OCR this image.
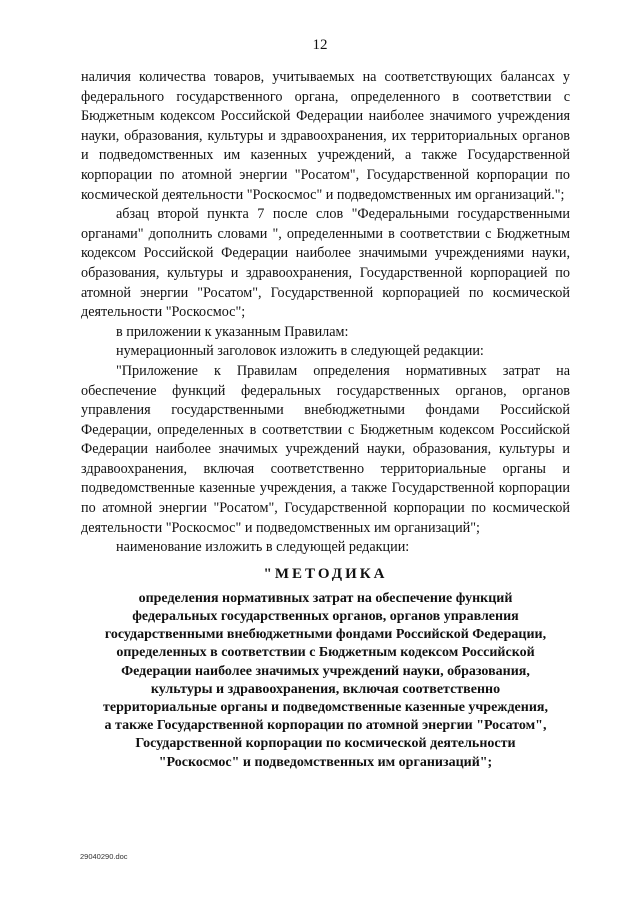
12

наличия количества товаров, учитываемых на соответствующих балансах у федерального государственного органа, определенного в соответствии с Бюджетным кодексом Российской Федерации наиболее значимого учреждения науки, образования, культуры и здравоохранения, их территориальных органов и подведомственных им казенных учреждений, а также Государственной корпорации по атомной энергии "Росатом", Государственной корпорации по космической деятельности "Роскосмос" и подведомственных им организаций.";

абзац второй пункта 7 после слов "Федеральными государственными органами" дополнить словами ", определенными в соответствии с Бюджетным кодексом Российской Федерации наиболее значимыми учреждениями науки, образования, культуры и здравоохранения, Государственной корпорацией по атомной энергии "Росатом", Государственной корпорацией по космической деятельности "Роскосмос";

в приложении к указанным Правилам:

нумерационный заголовок изложить в следующей редакции:

"Приложение к Правилам определения нормативных затрат на обеспечение функций федеральных государственных органов, органов управления государственными внебюджетными фондами Российской Федерации, определенных в соответствии с Бюджетным кодексом Российской Федерации наиболее значимых учреждений науки, образования, культуры и здравоохранения, включая соответственно территориальные органы и подведомственные казенные учреждения, а также Государственной корпорации по атомной энергии "Росатом", Государственной корпорации по космической деятельности "Роскосмос" и подведомственных им организаций";

наименование изложить в следующей редакции:

"МЕТОДИКА
определения нормативных затрат на обеспечение функций
федеральных государственных органов, органов управления
государственными внебюджетными фондами Российской Федерации,
определенных в соответствии с Бюджетным кодексом Российской
Федерации наиболее значимых учреждений науки, образования,
культуры и здравоохранения, включая соответственно
территориальные органы и подведомственные казенные учреждения,
а также Государственной корпорации по атомной энергии "Росатом",
Государственной корпорации по космической деятельности
"Роскосмос" и подведомственных им организаций";
29040290.doc
